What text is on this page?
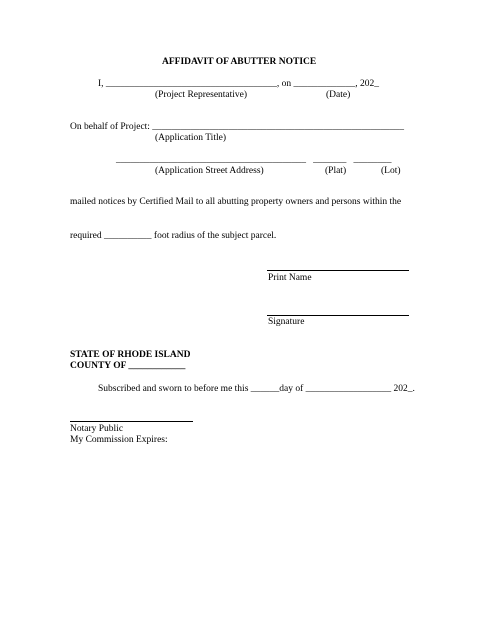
AFFIDAVIT OF ABUTTER NOTICE
I, ____________________________________, on _____________, 202_
(Project Representative)	(Date)
On behalf of Project: _____________________________________________________
(Application Title)
________________________________________   _______   ________
(Application Street Address)	(Plat)	(Lot)
mailed notices by Certified Mail to all abutting property owners and persons within the
required __________ foot radius of the subject parcel.
Print Name
Signature
STATE OF RHODE ISLAND
COUNTY OF ____________
Subscribed and sworn to before me this ______day of __________________ 202_.
Notary Public
My Commission Expires:
